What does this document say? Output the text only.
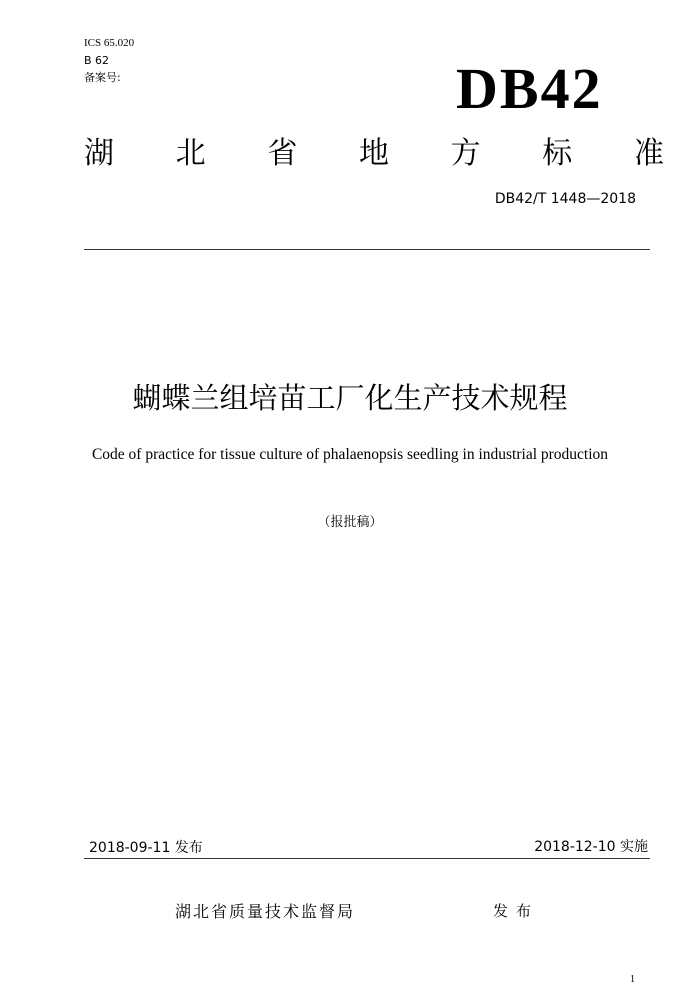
ICS 65.020
B 62
备案号:	DB42
湖 北 省 地 方 标 准
DB42/T 1448—2018
蝴蝶兰组培苗工厂化生产技术规程
Code of practice for tissue culture of phalaenopsis seedling in industrial production
（报批稿）
2018-09-11 发布	2018-12-10 实施
湖北省质量技术监督局	发布
1
